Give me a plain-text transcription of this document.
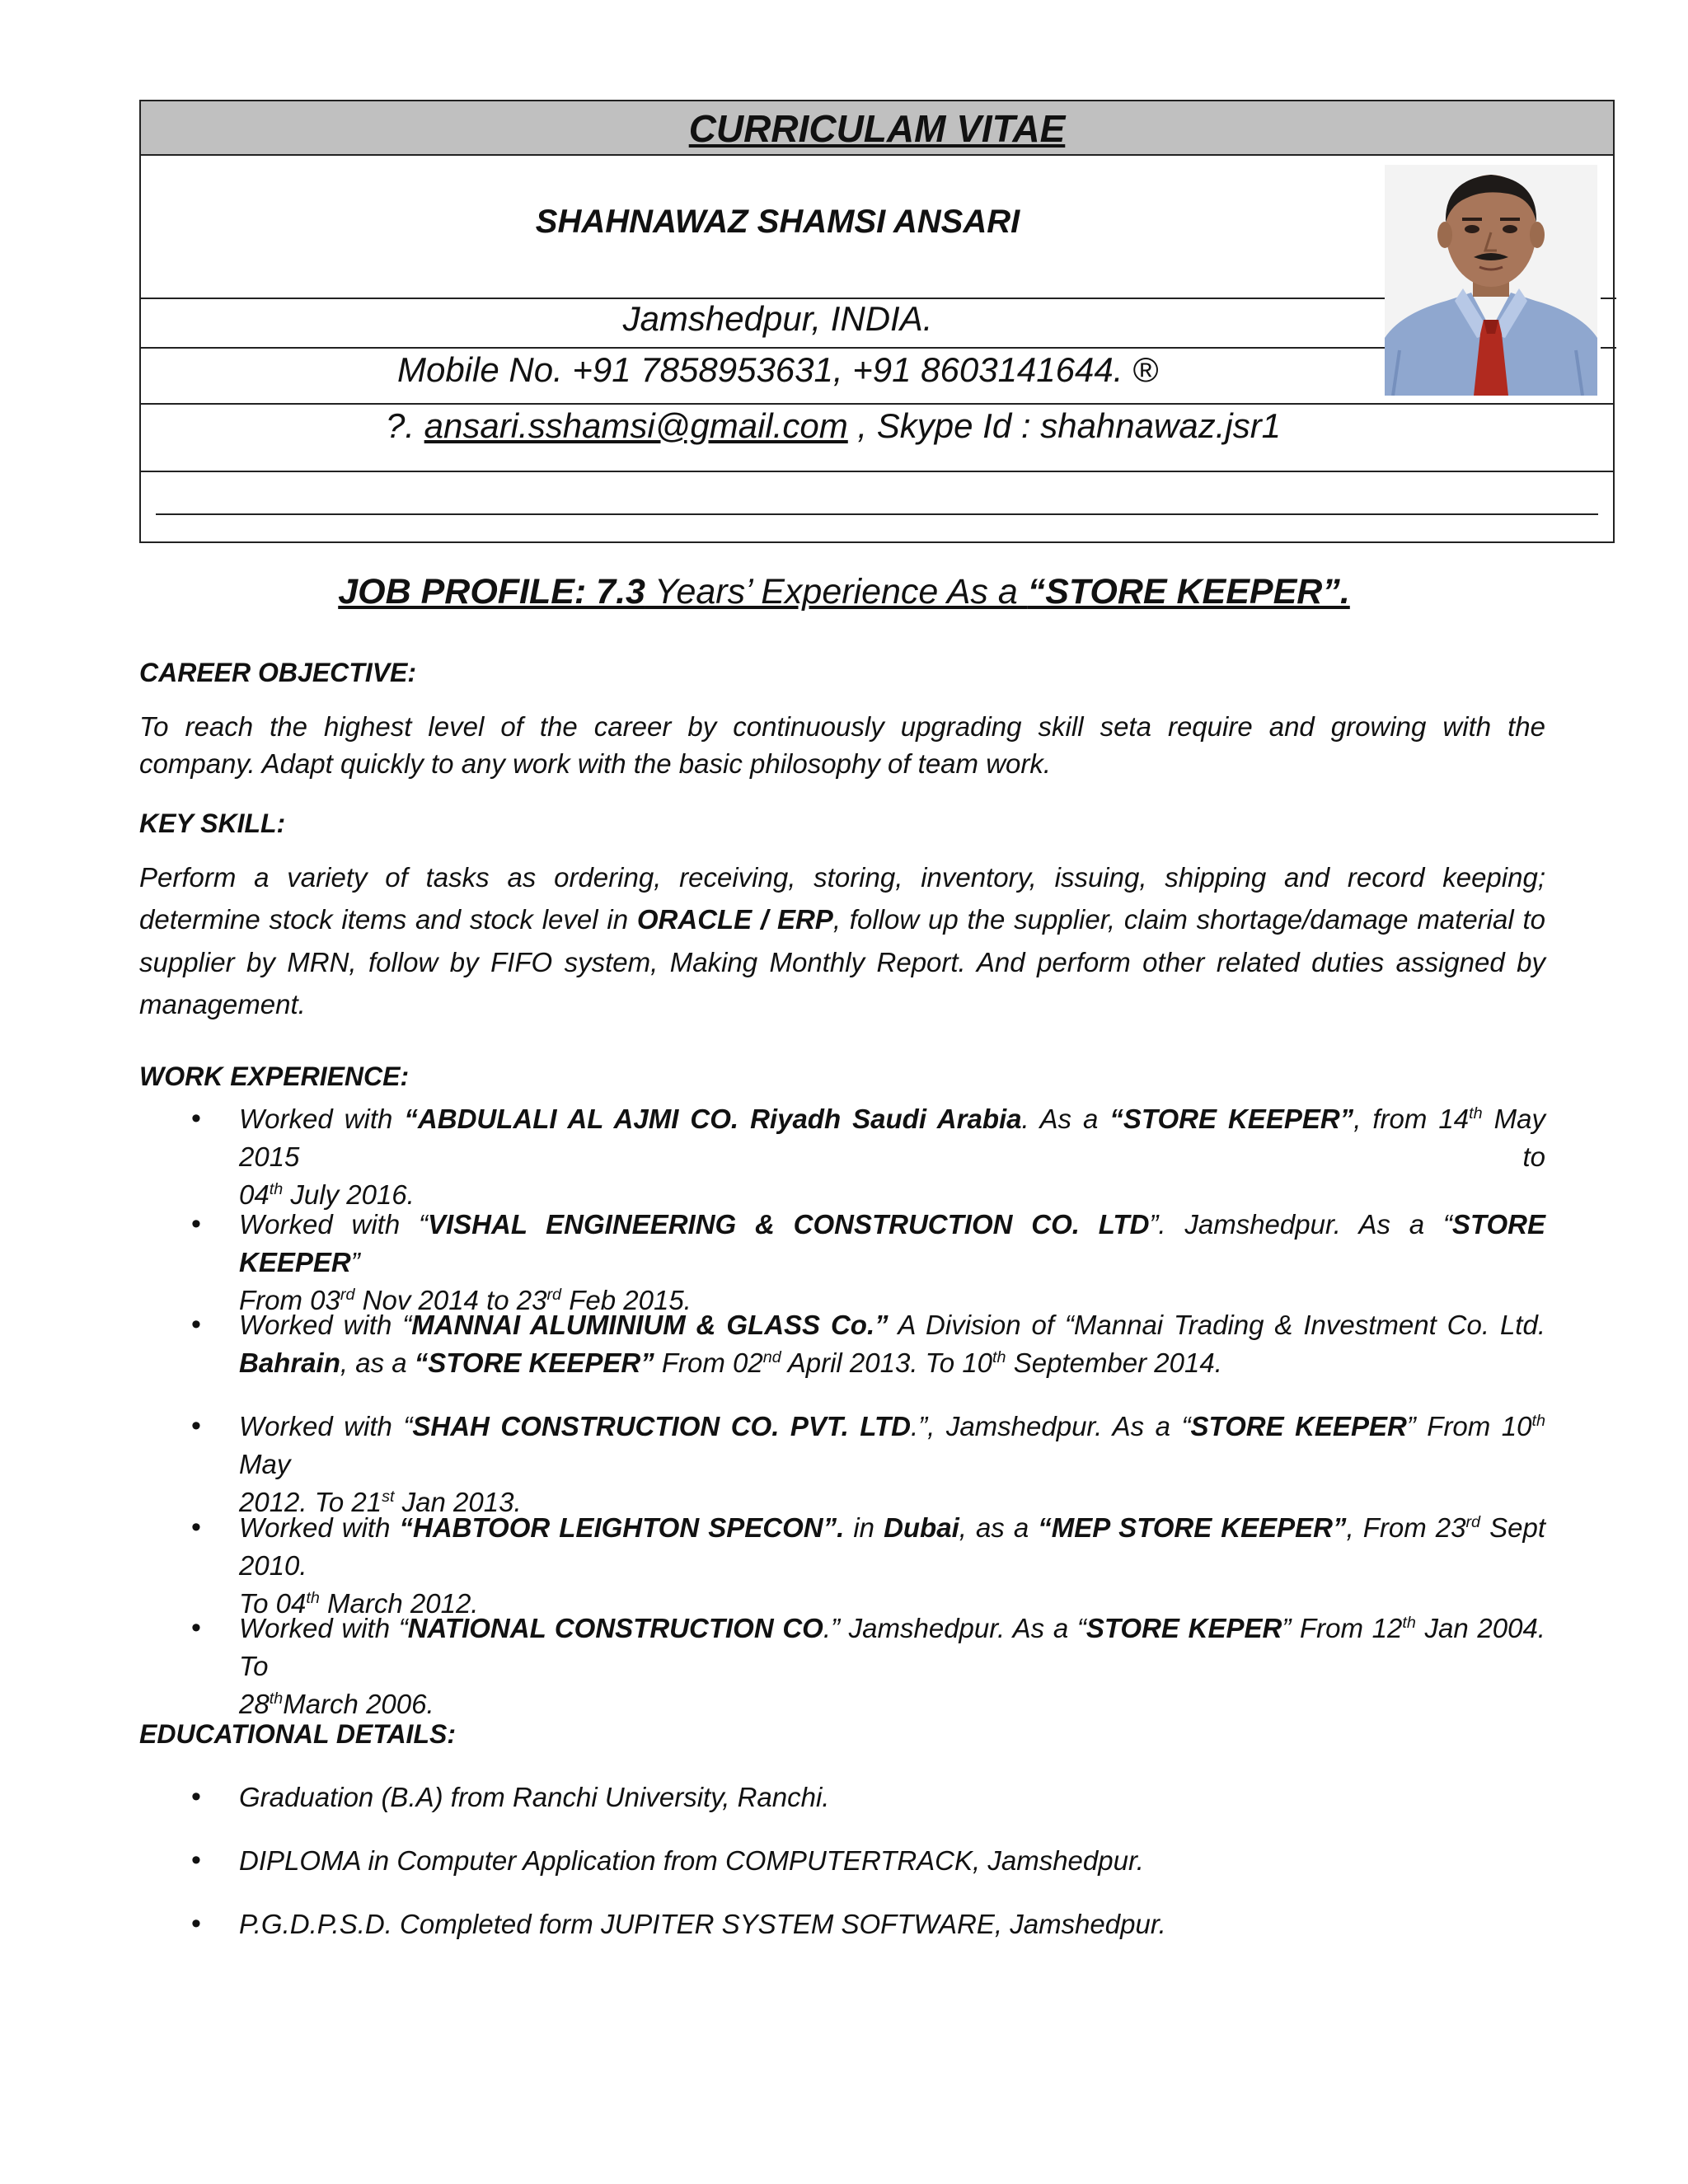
CURRICULAM VITAE
SHAHNAWAZ SHAMSI ANSARI
Jamshedpur, INDIA.
Mobile No. +91 7858953631, +91 8603141644. ®
?. ansari.sshamsi@gmail.com , Skype Id : shahnawaz.jsr1
JOB PROFILE: 7.3 Years’ Experience As a “STORE KEEPER”.
CAREER OBJECTIVE:
To reach the highest level of the career by continuously upgrading skill seta require and growing with the
company. Adapt quickly to any work with the basic philosophy of team work.
KEY SKILL:
Perform a variety of tasks as ordering, receiving, storing, inventory, issuing, shipping and record keeping;
determine stock items and stock level in ORACLE / ERP, follow up the supplier, claim shortage/damage material to
supplier by MRN, follow by FIFO system, Making Monthly Report. And perform other related duties assigned by
management.
WORK EXPERIENCE:
• Worked with “ABDULALI AL AJMI CO. Riyadh Saudi Arabia. As a “STORE KEEPER”, from 14th May 2015 to
04th July 2016.
• Worked with “VISHAL ENGINEERING & CONSTRUCTION CO. LTD”. Jamshedpur. As a “STORE KEEPER”
From 03rd Nov 2014 to 23rd Feb 2015.
• Worked with “MANNAI ALUMINIUM & GLASS Co.” A Division of “Mannai Trading & Investment Co. Ltd.
Bahrain, as a “STORE KEEPER” From 02nd April 2013. To 10th September 2014.
• Worked with “SHAH CONSTRUCTION CO. PVT. LTD.”, Jamshedpur. As a “STORE KEEPER” From 10th May
2012. To 21st Jan 2013.
• Worked with “HABTOOR LEIGHTON SPECON”. in Dubai, as a “MEP STORE KEEPER”, From 23rd Sept 2010.
To 04th March 2012.
• Worked with “NATIONAL CONSTRUCTION CO.” Jamshedpur. As a “STORE KEPER” From 12th Jan 2004. To
28thMarch 2006.
EDUCATIONAL DETAILS:
• Graduation (B.A) from Ranchi University, Ranchi.
• DIPLOMA in Computer Application from COMPUTERTRACK, Jamshedpur.
• P.G.D.P.S.D. Completed form JUPITER SYSTEM SOFTWARE, Jamshedpur.
